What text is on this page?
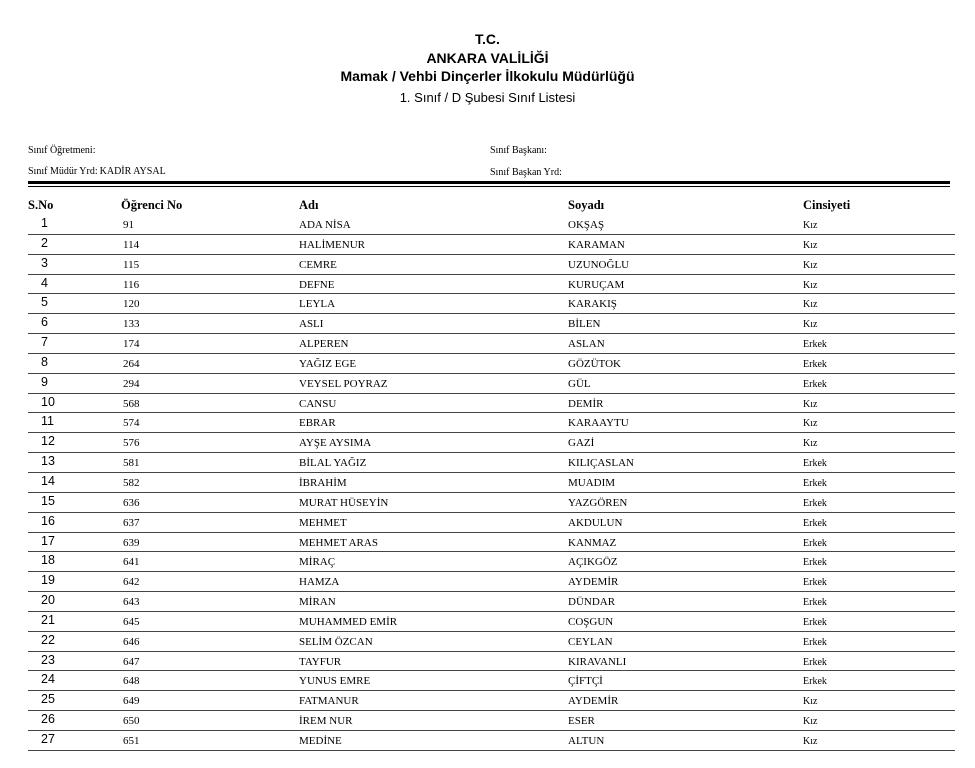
T.C.
ANKARA VALİLİĞİ
Mamak / Vehbi Dinçerler İlkokulu Müdürlüğü
1. Sınıf / D Şubesi Sınıf Listesi
Sınıf Öğretmeni:
Sınıf Müdür Yrd: KADİR AYSAL
Sınıf Başkanı:
Sınıf Başkan Yrd:
S.No	Öğrenci No	Adı	Soyadı	Cinsiyeti
1	91	ADA NİSA	OKŞAŞ	Kız
2	114	HALİMENUR	KARAMAN	Kız
3	115	CEMRE	UZUNOĞLU	Kız
4	116	DEFNE	KURUÇAM	Kız
5	120	LEYLA	KARAKIŞ	Kız
6	133	ASLI	BİLEN	Kız
7	174	ALPEREN	ASLAN	Erkek
8	264	YAĞIZ EGE	GÖZÜTOK	Erkek
9	294	VEYSEL POYRAZ	GÜL	Erkek
10	568	CANSU	DEMİR	Kız
11	574	EBRAR	KARAAYTU	Kız
12	576	AYŞE AYSIMA	GAZİ	Kız
13	581	BİLAL YAĞIZ	KILIÇASLAN	Erkek
14	582	İBRAHİM	MUADIM	Erkek
15	636	MURAT HÜSEYİN	YAZGÖREN	Erkek
16	637	MEHMET	AKDULUN	Erkek
17	639	MEHMET ARAS	KANMAZ	Erkek
18	641	MİRAÇ	AÇIKGÖZ	Erkek
19	642	HAMZA	AYDEMİR	Erkek
20	643	MİRAN	DÜNDAR	Erkek
21	645	MUHAMMED EMİR	COŞGUN	Erkek
22	646	SELİM ÖZCAN	CEYLAN	Erkek
23	647	TAYFUR	KIRAVANLI	Erkek
24	648	YUNUS EMRE	ÇİFTÇİ	Erkek
25	649	FATMANUR	AYDEMİR	Kız
26	650	İREM NUR	ESER	Kız
27	651	MEDİNE	ALTUN	Kız
